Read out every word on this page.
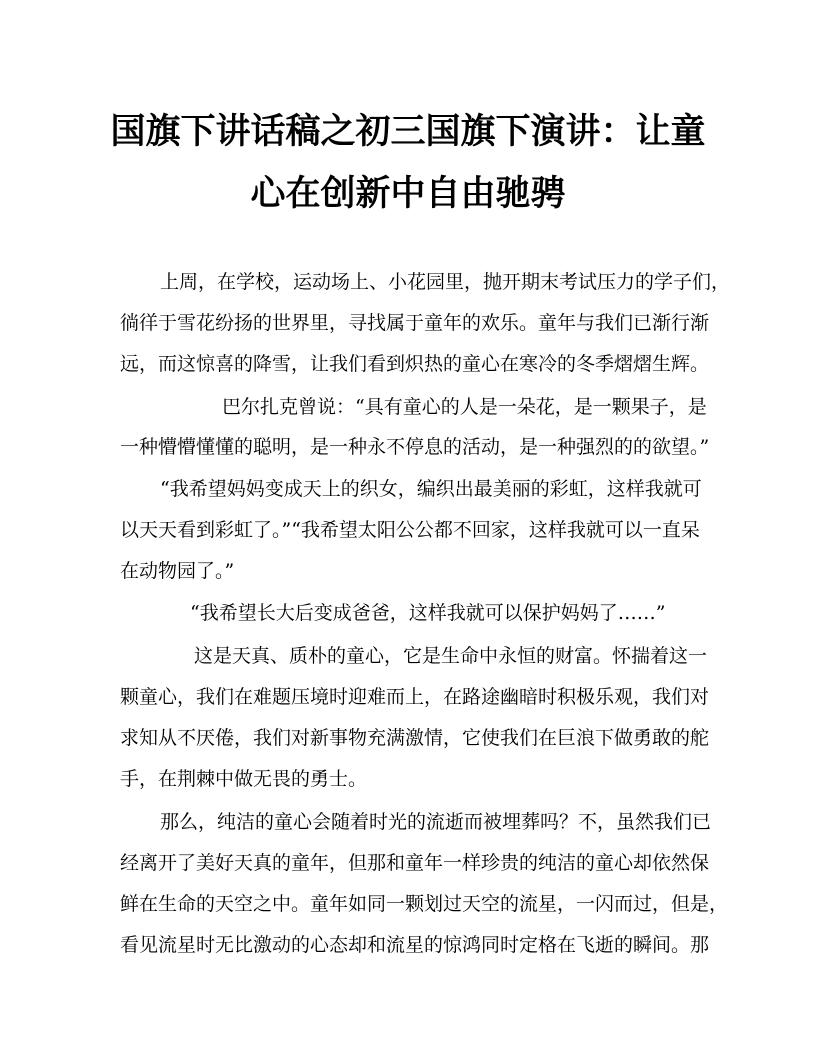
国旗下讲话稿之初三国旗下演讲：让童
心在创新中自由驰骋

上周，在学校，运动场上、小花园里，抛开期末考试压力的学子们，

徜徉于雪花纷扬的世界里，寻找属于童年的欢乐。童年与我们已渐行渐

远，而这惊喜的降雪，让我们看到炽热的童心在寒冷的冬季熠熠生辉。

巴尔扎克曾说：“具有童心的人是一朵花，是一颗果子，是

一种懵懵懂懂的聪明，是一种永不停息的活动，是一种强烈的的欲望。”

“我希望妈妈变成天上的织女，编织出最美丽的彩虹，这样我就可

以天天看到彩虹了。”“我希望太阳公公都不回家，这样我就可以一直呆

在动物园了。”

“我希望长大后变成爸爸，这样我就可以保护妈妈了……”

这是天真、质朴的童心，它是生命中永恒的财富。怀揣着这一

颗童心，我们在难题压境时迎难而上，在路途幽暗时积极乐观，我们对

求知从不厌倦，我们对新事物充满激情，它使我们在巨浪下做勇敢的舵

手，在荆棘中做无畏的勇士。

那么，纯洁的童心会随着时光的流逝而被埋葬吗？不，虽然我们已

经离开了美好天真的童年，但那和童年一样珍贵的纯洁的童心却依然保

鲜在生命的天空之中。童年如同一颗划过天空的流星，一闪而过，但是，

看见流星时无比激动的心态却和流星的惊鸿同时定格在飞逝的瞬间。那
